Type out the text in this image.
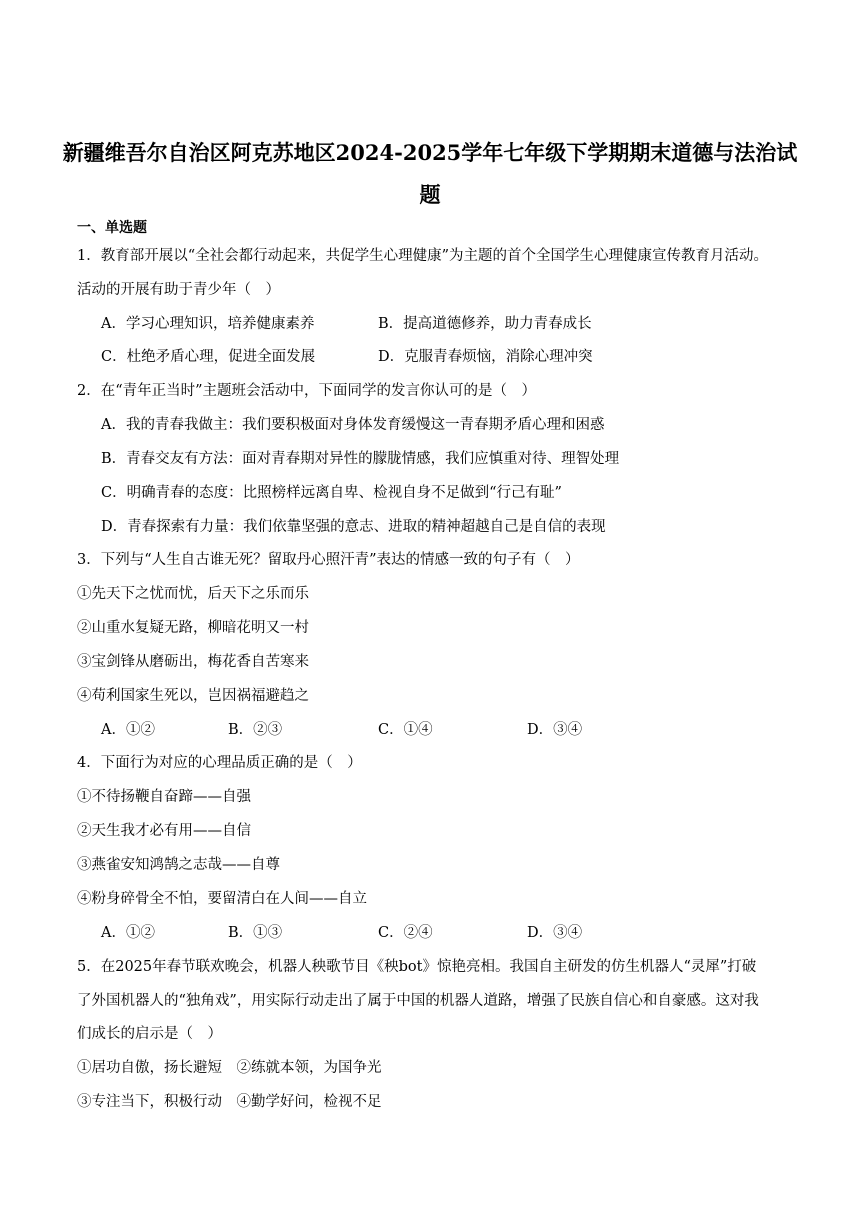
新疆维吾尔自治区阿克苏地区2024-2025学年七年级下学期期末道德与法治试题
一、单选题
1．教育部开展以“全社会都行动起来，共促学生心理健康”为主题的首个全国学生心理健康宣传教育月活动。
活动的开展有助于青少年（　）
A．学习心理知识，培养健康素养	B．提高道德修养，助力青春成长
C．杜绝矛盾心理，促进全面发展	D．克服青春烦恼，消除心理冲突
2．在“青年正当时”主题班会活动中，下面同学的发言你认可的是（　）
A．我的青春我做主：我们要积极面对身体发育缓慢这一青春期矛盾心理和困惑
B．青春交友有方法：面对青春期对异性的朦胧情感，我们应慎重对待、理智处理
C．明确青春的态度：比照榜样远离自卑、检视自身不足做到“行己有耻”
D．青春探索有力量：我们依靠坚强的意志、进取的精神超越自己是自信的表现
3．下列与“人生自古谁无死？留取丹心照汗青”表达的情感一致的句子有（　）
①先天下之忧而忧，后天下之乐而乐
②山重水复疑无路，柳暗花明又一村
③宝剑锋从磨砺出，梅花香自苦寒来
④苟利国家生死以，岂因祸福避趋之
A．①②	B．②③	C．①④	D．③④
4．下面行为对应的心理品质正确的是（　）
①不待扬鞭自奋蹄——自强
②天生我才必有用——自信
③燕雀安知鸿鹄之志哉——自尊
④粉身碎骨全不怕，要留清白在人间——自立
A．①②	B．①③	C．②④	D．③④
5．在2025年春节联欢晚会，机器人秧歌节目《秧bot》惊艳亮相。我国自主研发的仿生机器人“灵犀”打破
了外国机器人的“独角戏”，用实际行动走出了属于中国的机器人道路，增强了民族自信心和自豪感。这对我
们成长的启示是（　）
①居功自傲，扬长避短　②练就本领，为国争光
③专注当下，积极行动　④勤学好问，检视不足
